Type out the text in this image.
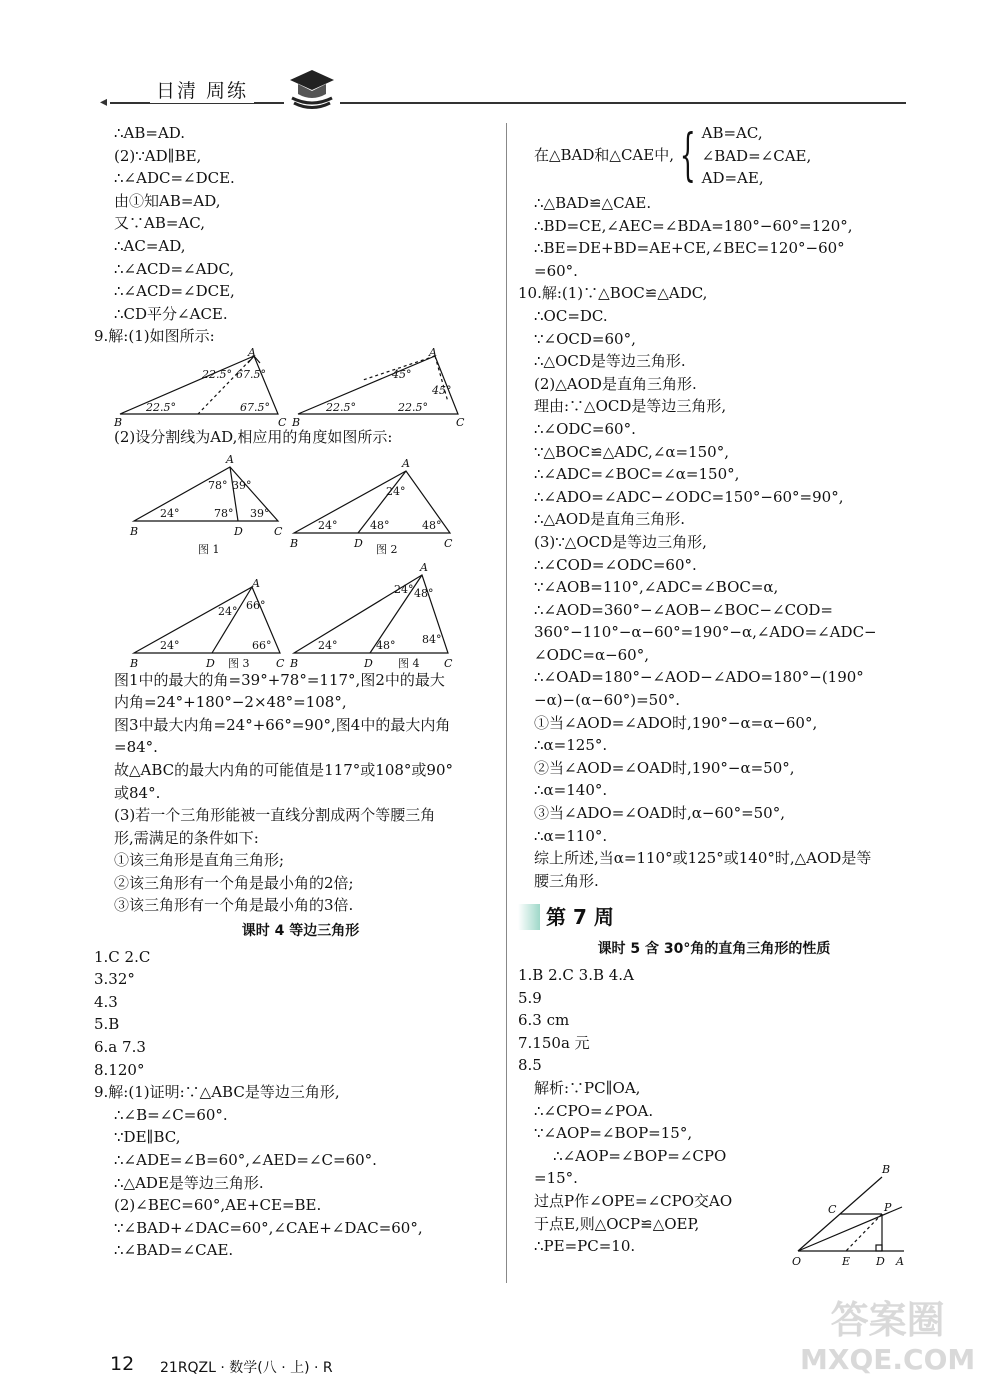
◂	日清 周练
∴AB=AD.
(2)∵AD∥BE,
∴∠ADC=∠DCE.
由①知AB=AD,
又∵AB=AC,
∴AC=AD,
∴∠ACD=∠ADC,
∴∠ACD=∠DCE,
∴CD平分∠ACE.
9.解:(1)如图所示:
A
B	C
22.5° 67.5°
22.5°	67.5°
A
B	C
45°
45°
22.5°	22.5°
(2)设分割线为AD,相应用的角度如图所示:
A
B	C
D
24°
78° 39°
78° 39°
图 1
A
B	C
D
24°
24°
48°	48°
图 2
A
B	C
D
24°
24° 66°
66°
图 3
A
B	C
D
24°
24°
48°
48°
84°
图 4
图1中的最大的角=39°+78°=117°,图2中的最大
内角=24°+180°−2×48°=108°,
图3中最大内角=24°+66°=90°,图4中的最大内角
=84°.
故△ABC的最大内角的可能值是117°或108°或90°
或84°.
(3)若一个三角形能被一直线分割成两个等腰三角
形,需满足的条件如下:
①该三角形是直角三角形;
②该三角形有一个角是最小角的2倍;
③该三角形有一个角是最小角的3倍.
课时 4 等边三角形
1.C 2.C
3.32°
4.3
5.B
6.a 7.3
8.120°
9.解:(1)证明:∵△ABC是等边三角形,
∴∠B=∠C=60°.
∵DE∥BC,
∴∠ADE=∠B=60°,∠AED=∠C=60°.
∴△ADE是等边三角形.
(2)∠BEC=60°,AE+CE=BE.
∵∠BAD+∠DAC=60°,∠CAE+∠DAC=60°,
∴∠BAD=∠CAE.
在△BAD和△CAE中, { AB=AC,
∠BAD=∠CAE,
AD=AE,
∴△BAD≌△CAE.
∴BD=CE,∠AEC=∠BDA=180°−60°=120°,
∴BE=DE+BD=AE+CE,∠BEC=120°−60°
=60°.
10.解:(1)∵△BOC≌△ADC,
∴OC=DC.
∵∠OCD=60°,
∴△OCD是等边三角形.
(2)△AOD是直角三角形.
理由:∵△OCD是等边三角形,
∴∠ODC=60°.
∵△BOC≌△ADC,∠α=150°,
∴∠ADC=∠BOC=∠α=150°,
∴∠ADO=∠ADC−∠ODC=150°−60°=90°,
∴△AOD是直角三角形.
(3)∵△OCD是等边三角形,
∴∠COD=∠ODC=60°.
∵∠AOB=110°,∠ADC=∠BOC=α,
∴∠AOD=360°−∠AOB−∠BOC−∠COD=
360°−110°−α−60°=190°−α,∠ADO=∠ADC−
∠ODC=α−60°,
∴∠OAD=180°−∠AOD−∠ADO=180°−(190°
−α)−(α−60°)=50°.
①当∠AOD=∠ADO时,190°−α=α−60°,
∴α=125°.
②当∠AOD=∠OAD时,190°−α=50°,
∴α=140°.
③当∠ADO=∠OAD时,α−60°=50°,
∴α=110°.
综上所述,当α=110°或125°或140°时,△AOD是等
腰三角形.
第 7 周
课时 5 含 30°角的直角三角形的性质
1.B 2.C 3.B 4.A
5.9
6.3 cm
7.150a 元
8.5
解析:∵PC∥OA,
∴∠CPO=∠POA.
∵∠AOP=∠BOP=15°,
∴∠AOP=∠BOP=∠CPO
=15°.
过点P作∠OPE=∠CPO交AO
于点E,则△OCP≌△OEP,
∴PE=PC=10.
B
C	P
O	E D A
12 21RQZL · 数学(八 · 上) · R
答案圈
MXQE.COM
